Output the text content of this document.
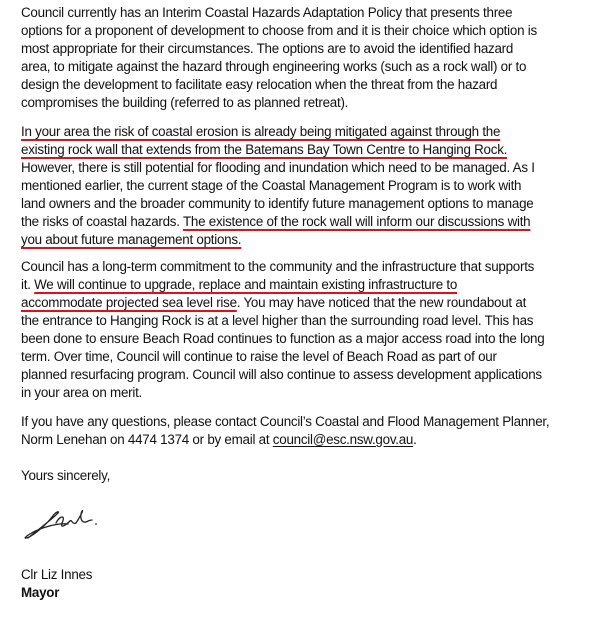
Council currently has an Interim Coastal Hazards Adaptation Policy that presents three
options for a proponent of development to choose from and it is their choice which option is
most appropriate for their circumstances. The options are to avoid the identified hazard
area, to mitigate against the hazard through engineering works (such as a rock wall) or to
design the development to facilitate easy relocation when the threat from the hazard
compromises the building (referred to as planned retreat).
In your area the risk of coastal erosion is already being mitigated against through the
existing rock wall that extends from the Batemans Bay Town Centre to Hanging Rock.
However, there is still potential for flooding and inundation which need to be managed. As I
mentioned earlier, the current stage of the Coastal Management Program is to work with
land owners and the broader community to identify future management options to manage
the risks of coastal hazards. The existence of the rock wall will inform our discussions with
you about future management options.
Council has a long-term commitment to the community and the infrastructure that supports
it. We will continue to upgrade, replace and maintain existing infrastructure to
accommodate projected sea level rise. You may have noticed that the new roundabout at
the entrance to Hanging Rock is at a level higher than the surrounding road level. This has
been done to ensure Beach Road continues to function as a major access road into the long
term. Over time, Council will continue to raise the level of Beach Road as part of our
planned resurfacing program. Council will also continue to assess development applications
in your area on merit.
If you have any questions, please contact Council’s Coastal and Flood Management Planner,
Norm Lenehan on 4474 1374 or by email at council@esc.nsw.gov.au.
Yours sincerely,
Clr Liz Innes
Mayor
